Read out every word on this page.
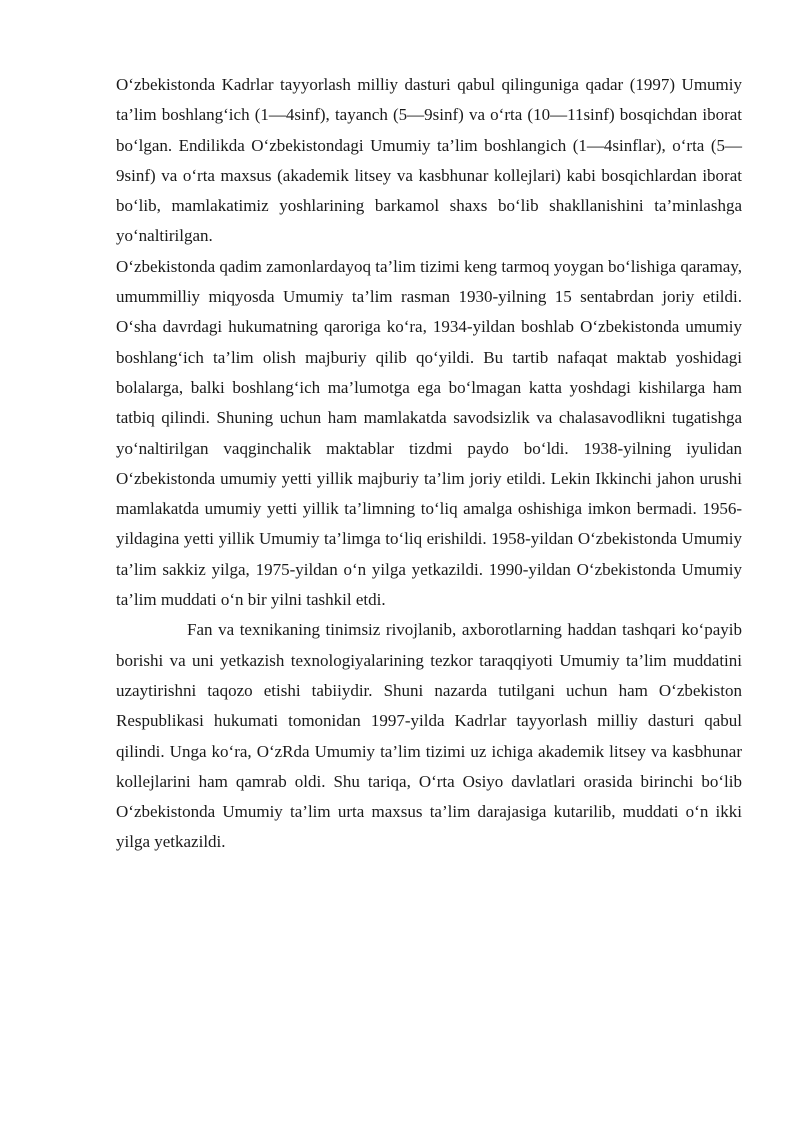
O‘zbekistonda Kadrlar tayyorlash milliy dasturi qabul qilinguniga qadar (1997) Umumiy ta’lim boshlang‘ich (1—4sinf), tayanch (5—9sinf) va o‘rta (10—11sinf) bosqichdan iborat bo‘lgan. Endilikda O‘zbekistondagi Umumiy ta’lim boshlangich (1—4sinflar), o‘rta (5—9sinf) va o‘rta maxsus (akademik litsey va kasbhunar kollejlari) kabi bosqichlardan iborat bo‘lib, mamlakatimiz yoshlarining barkamol shaxs bo‘lib shakllanishini ta’minlashga yo‘naltirilgan.

O‘zbekistonda qadim zamonlardayoq ta’lim tizimi keng tarmoq yoygan bo‘lishiga qaramay, umummilliy miqyosda Umumiy ta’lim rasman 1930-yilning 15 sentabrdan joriy etildi. O‘sha davrdagi hukumatning qaroriga ko‘ra, 1934-yildan boshlab O‘zbekistonda umumiy boshlang‘ich ta’lim olish majburiy qilib qo‘yildi. Bu tartib nafaqat maktab yoshidagi bolalarga, balki boshlang‘ich ma’lumotga ega bo‘lmagan katta yoshdagi kishilarga ham tatbiq qilindi. Shuning uchun ham mamlakatda savodsizlik va chalasavodlikni tugatishga yo‘naltirilgan vaqginchalik maktablar tizdmi paydo bo‘ldi. 1938-yilning iyulidan O‘zbekistonda umumiy yetti yillik majburiy ta’lim joriy etildi. Lekin Ikkinchi jahon urushi mamlakatda umumiy yetti yillik ta’limning to‘liq amalga oshishiga imkon bermadi. 1956-yildagina yetti yillik Umumiy ta’limga to‘liq erishildi. 1958-yildan O‘zbekistonda Umumiy ta’lim sakkiz yilga, 1975-yildan o‘n yilga yetkazildi. 1990-yildan O‘zbekistonda Umumiy ta’lim muddati o‘n bir yilni tashkil etdi.

Fan va texnikaning tinimsiz rivojlanib, axborotlarning haddan tashqari ko‘payib borishi va uni yetkazish texnologiyalarining tezkor taraqqiyoti Umumiy ta’lim muddatini uzaytirishni taqozo etishi tabiiydir. Shuni nazarda tutilgani uchun ham O‘zbekiston Respublikasi hukumati tomonidan 1997-yilda Kadrlar tayyorlash milliy dasturi qabul qilindi. Unga ko‘ra, O‘zRda Umumiy ta’lim tizimi uz ichiga akademik litsey va kasbhunar kollejlarini ham qamrab oldi. Shu tariqa, O‘rta Osiyo davlatlari orasida birinchi bo‘lib O‘zbekistonda Umumiy ta’lim urta maxsus ta’lim darajasiga kutarilib, muddati o‘n ikki yilga yetkazildi.
